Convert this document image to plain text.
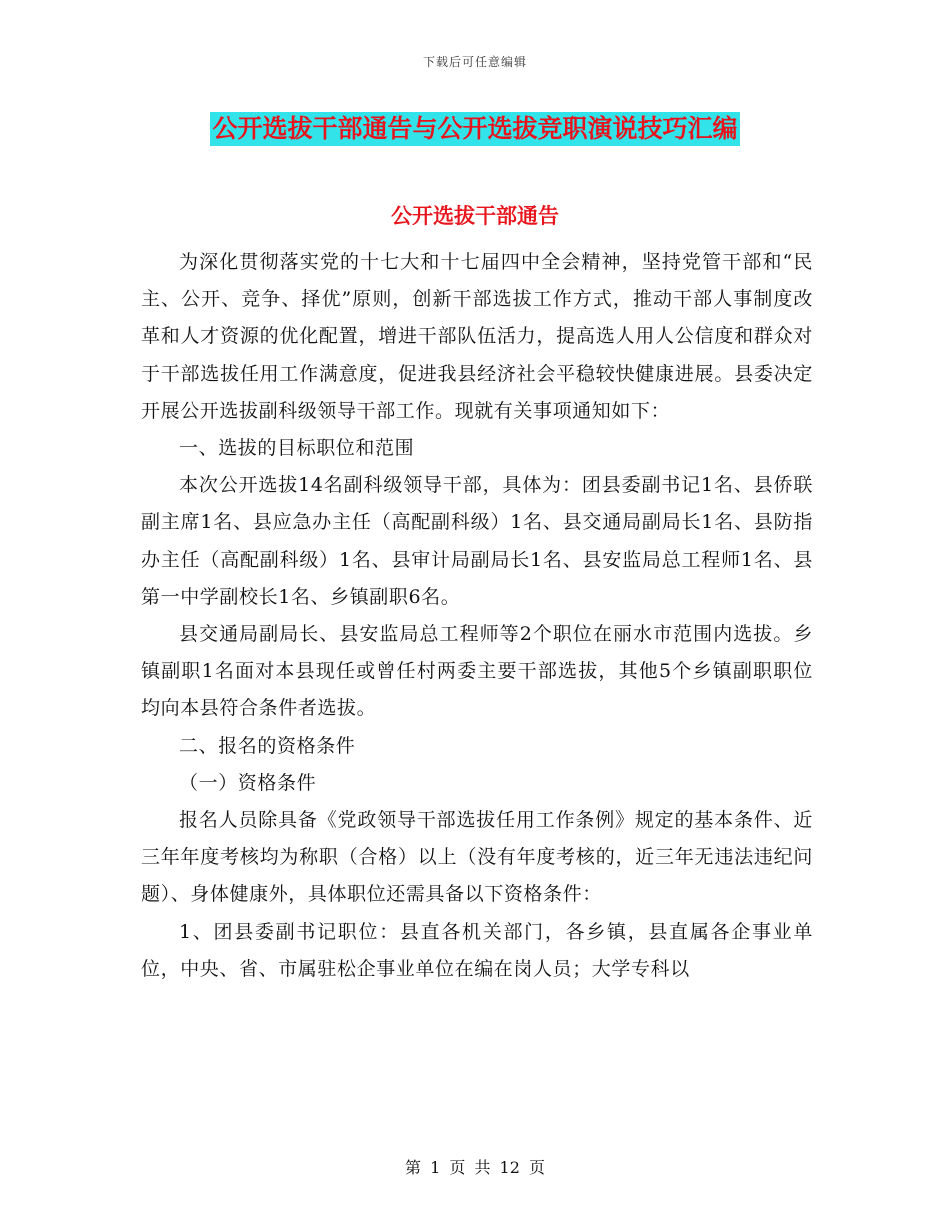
下载后可任意编辑
公开选拔干部通告与公开选拔竞职演说技巧汇编
公开选拔干部通告

为深化贯彻落实党的十七大和十七届四中全会精神，坚持党管干部和“民主、公开、竞争、择优”原则，创新干部选拔工作方式，推动干部人事制度改革和人才资源的优化配置，增进干部队伍活力，提高选人用人公信度和群众对于干部选拔任用工作满意度，促进我县经济社会平稳较快健康进展。县委决定开展公开选拔副科级领导干部工作。现就有关事项通知如下：

一、选拔的目标职位和范围

本次公开选拔14名副科级领导干部，具体为：团县委副书记1名、县侨联副主席1名、县应急办主任（高配副科级）1名、县交通局副局长1名、县防指办主任（高配副科级）1名、县审计局副局长1名、县安监局总工程师1名、县第一中学副校长1名、乡镇副职6名。

县交通局副局长、县安监局总工程师等2个职位在丽水市范围内选拔。乡镇副职1名面对本县现任或曾任村两委主要干部选拔，其他5个乡镇副职职位均向本县符合条件者选拔。

二、报名的资格条件

（一）资格条件

报名人员除具备《党政领导干部选拔任用工作条例》规定的基本条件、近三年年度考核均为称职（合格）以上（没有年度考核的，近三年无违法违纪问题）、身体健康外，具体职位还需具备以下资格条件：

1、团县委副书记职位：县直各机关部门，各乡镇，县直属各企事业单位，中央、省、市属驻松企事业单位在编在岗人员；大学专科以

第 1 页 共 12 页
